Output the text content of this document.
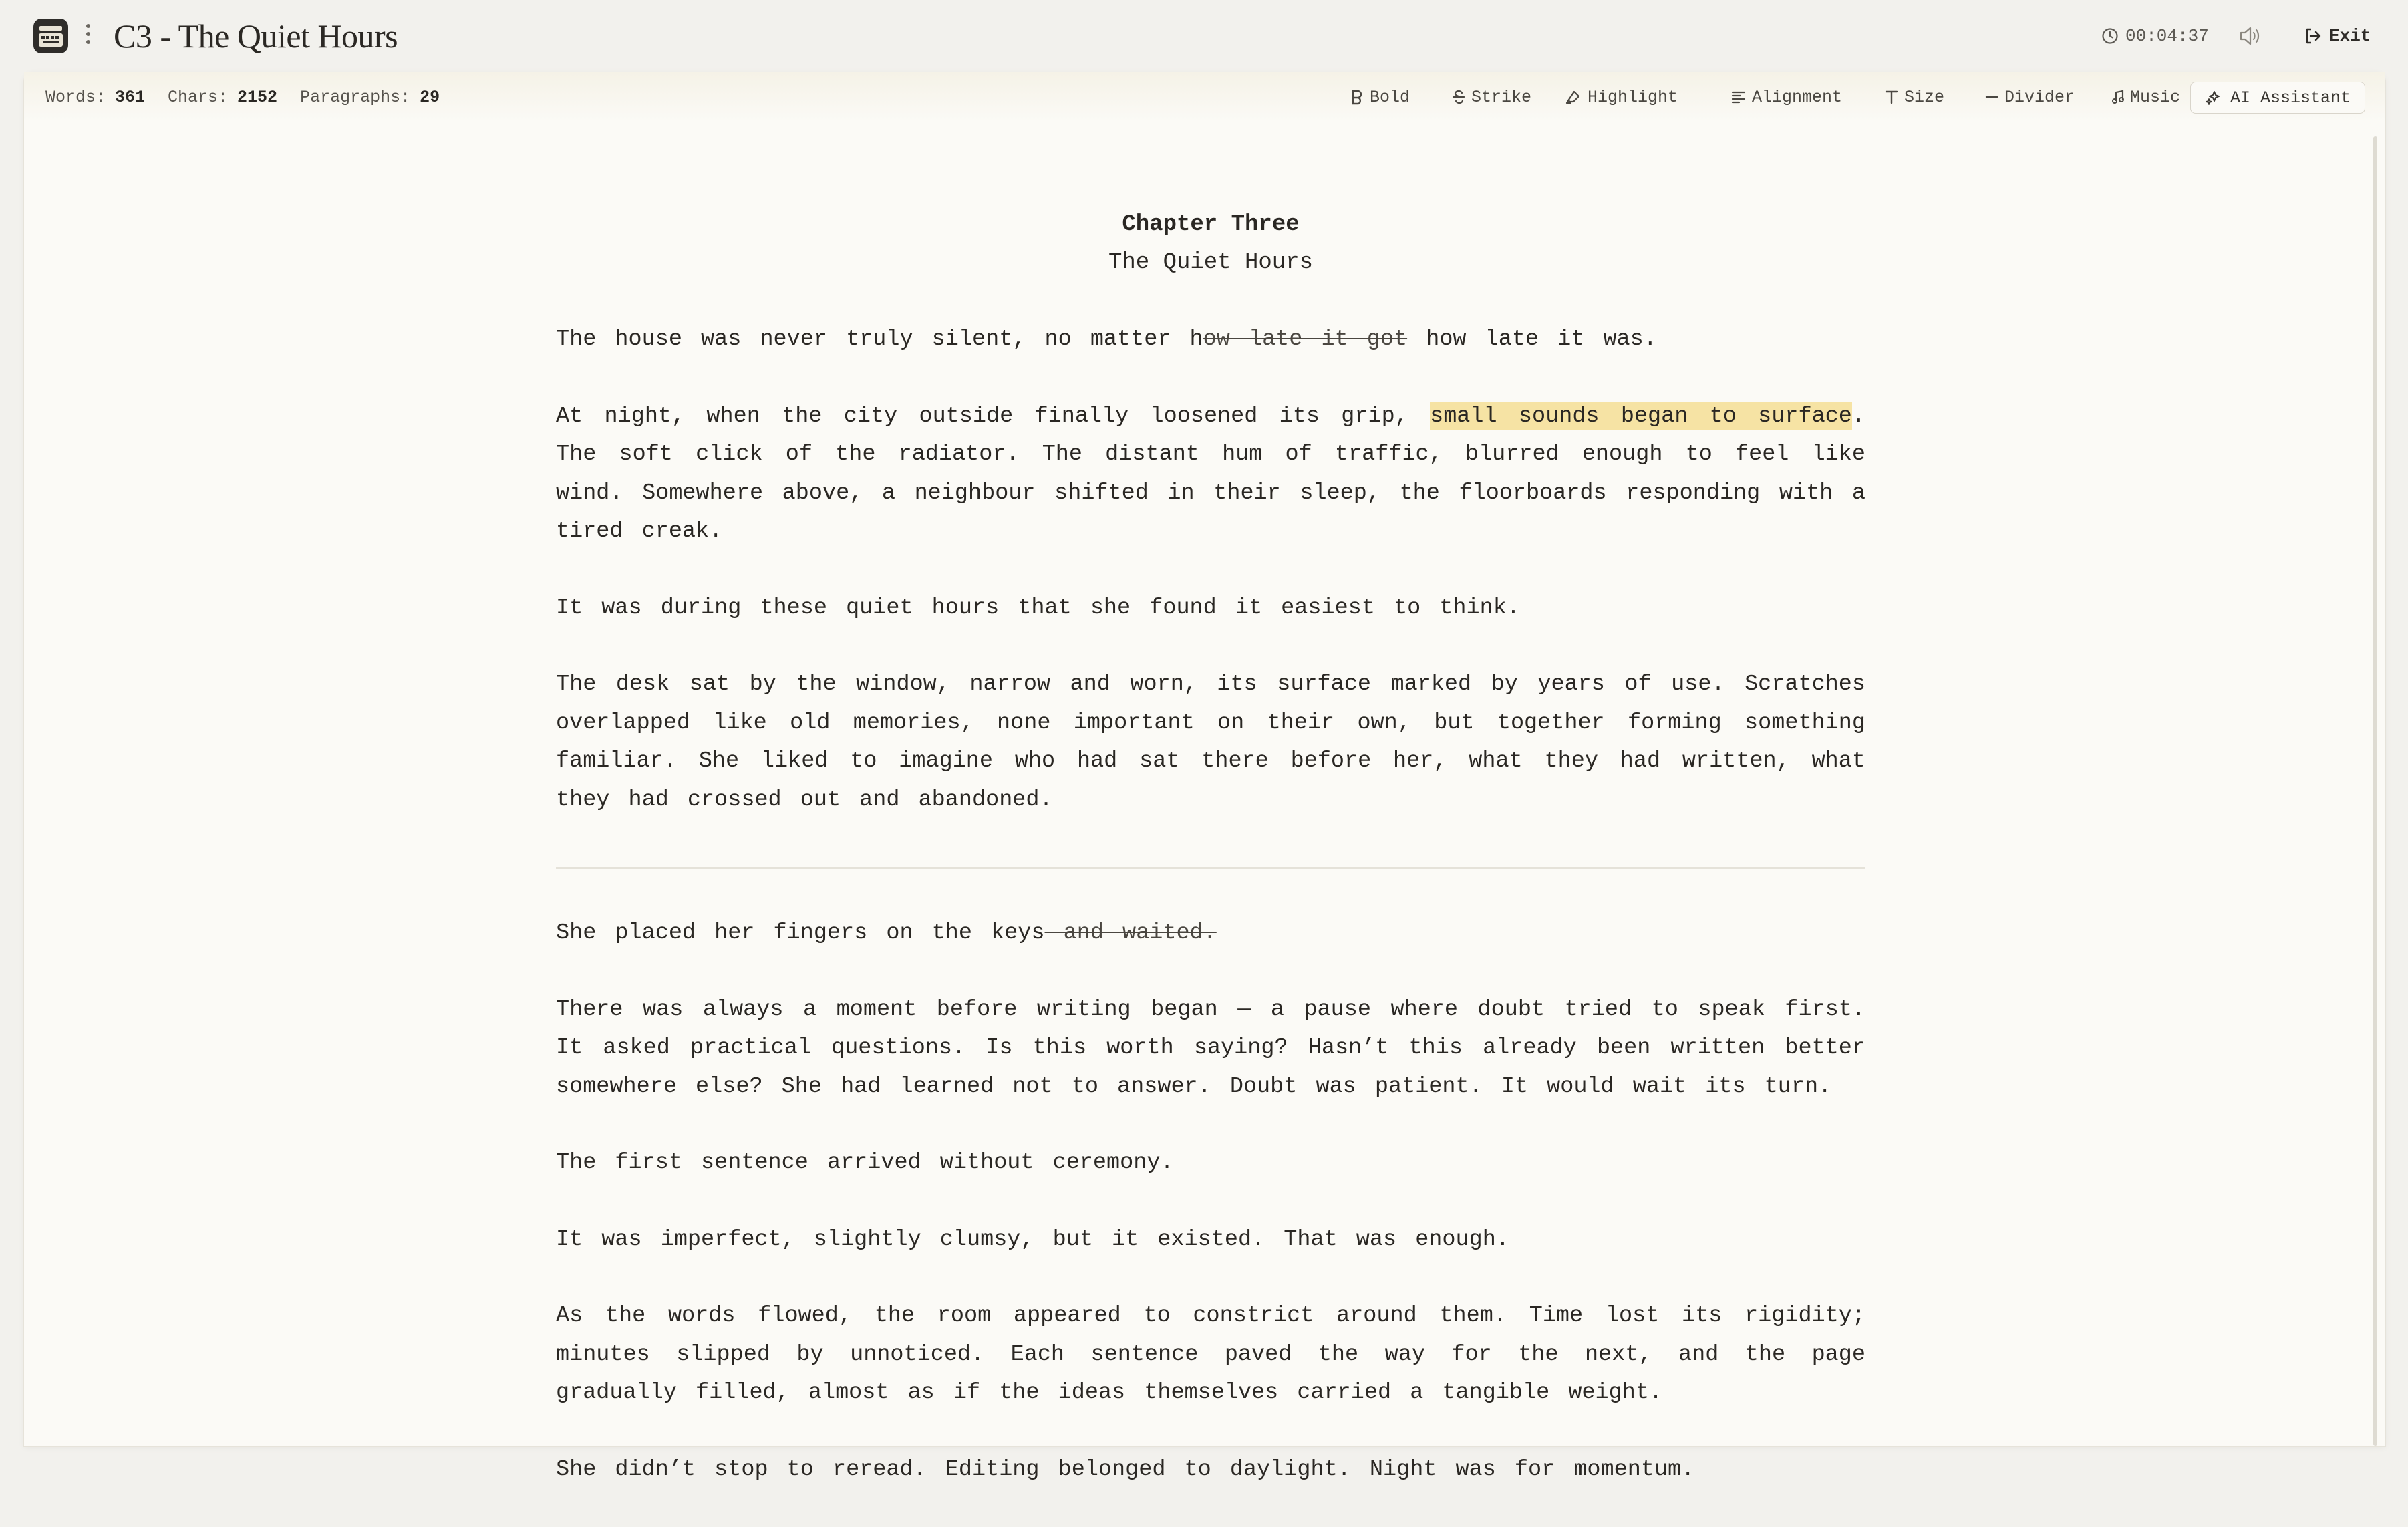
C3 - The Quiet Hours	00:04:37	Exit
Words: 361 Chars: 2152 Paragraphs: 29	Bold	Strike	Highlight	Alignment	Size	Divider	Music	AI Assistant

Chapter Three

The Quiet Hours

The house was never truly silent, no matter how late it got how late it was.

At night, when the city outside finally loosened its grip, small sounds began to surface. The soft click of the radiator. The distant hum of traffic, blurred enough to feel like wind. Somewhere above, a neighbour shifted in their sleep, the floorboards responding with a tired creak.

It was during these quiet hours that she found it easiest to think.

The desk sat by the window, narrow and worn, its surface marked by years of use. Scratches overlapped like old memories, none important on their own, but together forming something familiar. She liked to imagine who had sat there before her, what they had written, what they had crossed out and abandoned.

She placed her fingers on the keys and waited.

There was always a moment before writing began — a pause where doubt tried to speak first. It asked practical questions. Is this worth saying? Hasn’t this already been written better somewhere else? She had learned not to answer. Doubt was patient. It would wait its turn.

The first sentence arrived without ceremony.

It was imperfect, slightly clumsy, but it existed. That was enough.

As the words flowed, the room appeared to constrict around them. Time lost its rigidity; minutes slipped by unnoticed. Each sentence paved the way for the next, and the page gradually filled, almost as if the ideas themselves carried a tangible weight.

She didn’t stop to reread. Editing belonged to daylight. Night was for momentum.
